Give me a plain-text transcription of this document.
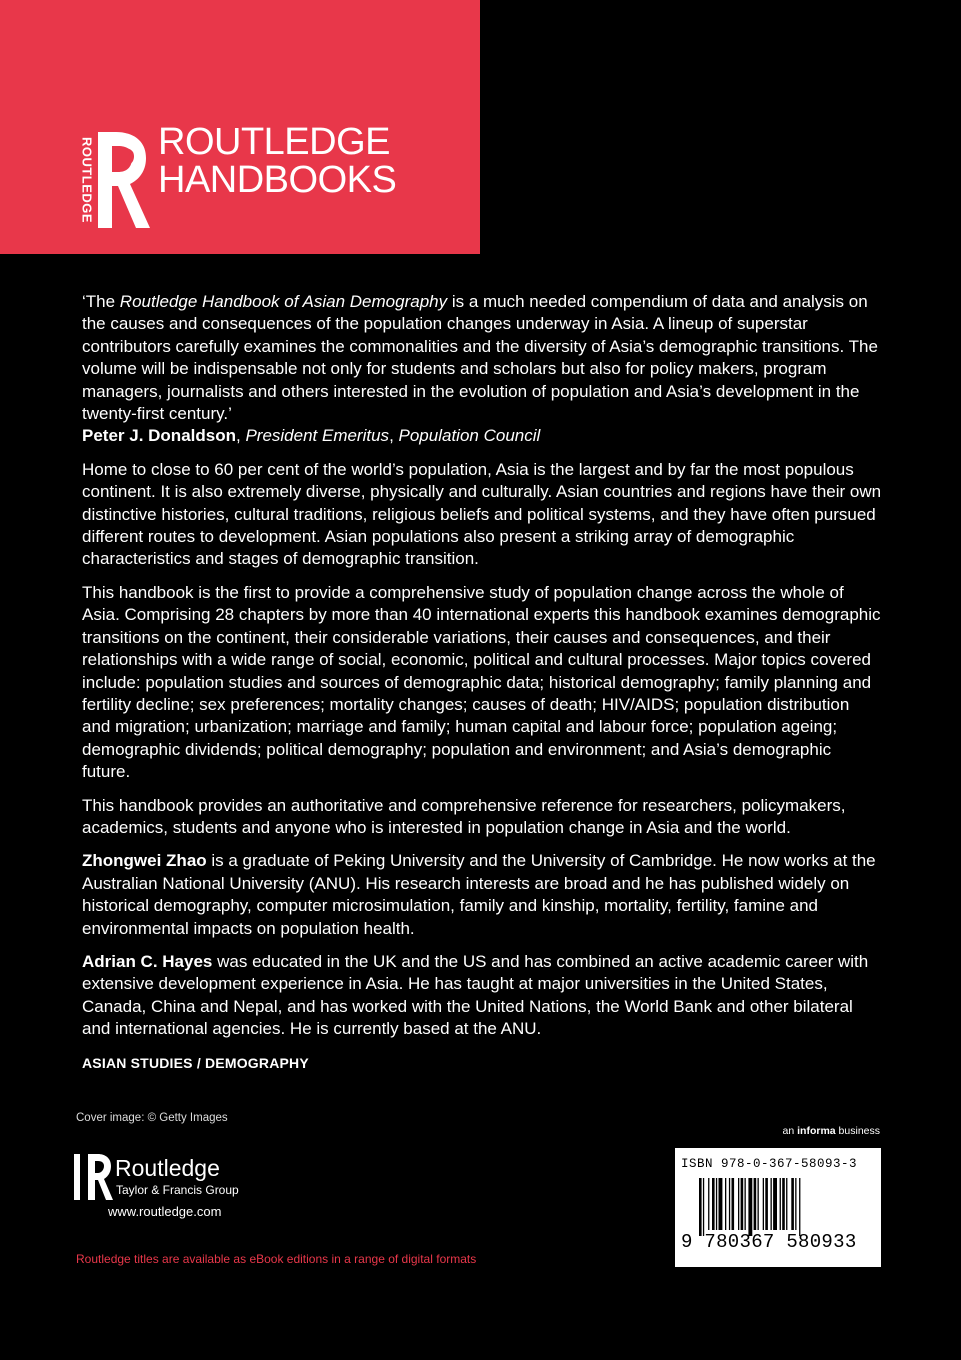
ROUTLEDGE ROUTLEDGE
HANDBOOKS

‘The Routledge Handbook of Asian Demography is a much needed compendium of data and analysis on the causes and consequences of the population changes underway in Asia. A lineup of superstar contributors carefully examines the commonalities and the diversity of Asia’s demographic transitions. The volume will be indispensable not only for students and scholars but also for policy makers, program managers, journalists and others interested in the evolution of population and Asia’s development in the twenty-first century.’
Peter J. Donaldson, President Emeritus, Population Council

Home to close to 60 per cent of the world’s population, Asia is the largest and by far the most populous continent. It is also extremely diverse, physically and culturally. Asian countries and regions have their own distinctive histories, cultural traditions, religious beliefs and political systems, and they have often pursued different routes to development. Asian populations also present a striking array of demographic characteristics and stages of demographic transition.

This handbook is the first to provide a comprehensive study of population change across the whole of Asia. Comprising 28 chapters by more than 40 international experts this handbook examines demographic transitions on the continent, their considerable variations, their causes and consequences, and their relationships with a wide range of social, economic, political and cultural processes. Major topics covered include: population studies and sources of demographic data; historical demography; family planning and fertility decline; sex preferences; mortality changes; causes of death; HIV/AIDS; population distribution and migration; urbanization; marriage and family; human capital and labour force; population ageing; demographic dividends; political demography; population and environment; and Asia’s demographic future.

This handbook provides an authoritative and comprehensive reference for researchers, policymakers, academics, students and anyone who is interested in population change in Asia and the world.

Zhongwei Zhao is a graduate of Peking University and the University of Cambridge. He now works at the Australian National University (ANU). His research interests are broad and he has published widely on historical demography, computer microsimulation, family and kinship, mortality, fertility, famine and environmental impacts on population health.

Adrian C. Hayes was educated in the UK and the US and has combined an active academic career with extensive development experience in Asia. He has taught at major universities in the United States, Canada, China and Nepal, and has worked with the United Nations, the World Bank and other bilateral and international agencies. He is currently based at the ANU.

ASIAN STUDIES / DEMOGRAPHY
Cover image: © Getty Images
Routledge
Taylor & Francis Group
www.routledge.com
Routledge titles are available as eBook editions in a range of digital formats
an informa business
ISBN 978-0-367-58093-3
9 780367 580933
